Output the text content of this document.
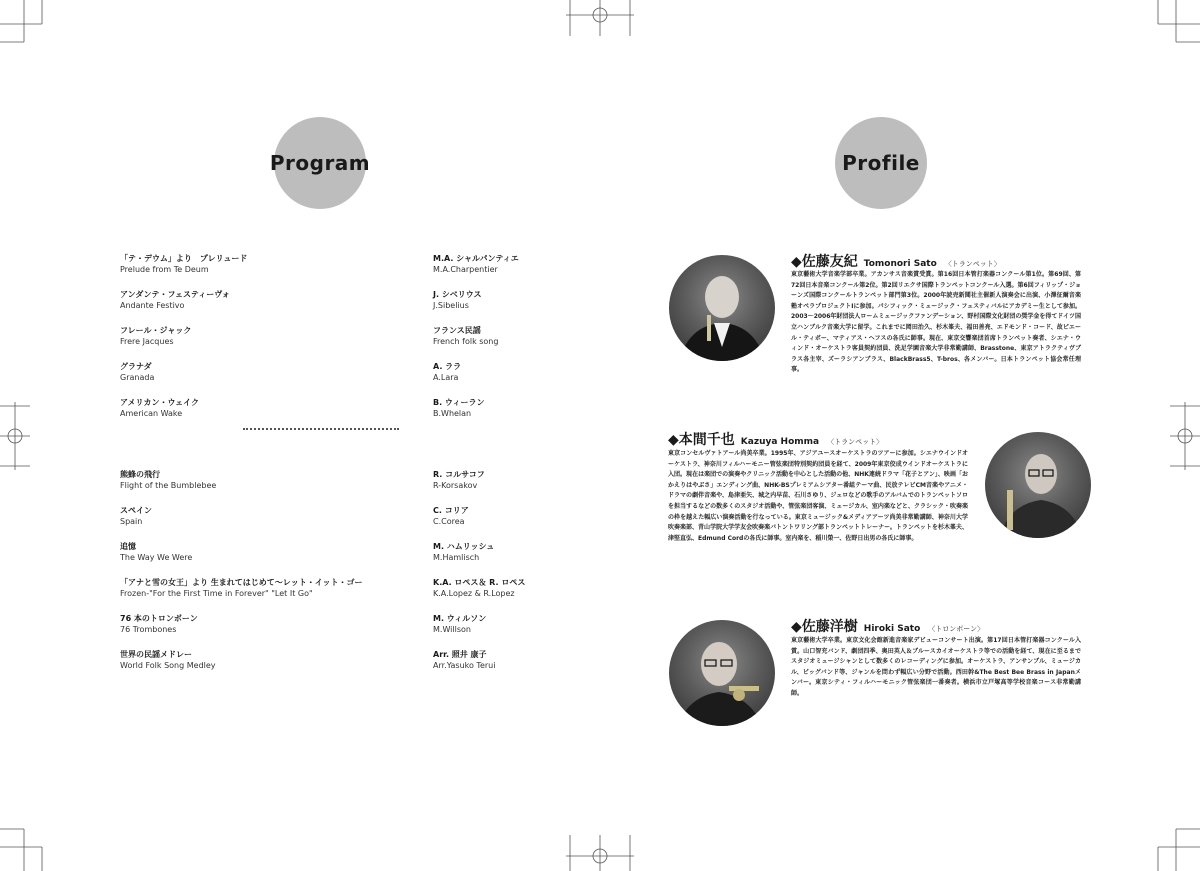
Program	Profile
「テ・デウム」より　プレリュード
Prelude from Te Deum
アンダンテ・フェスティーヴォ
Andante Festivo
フレール・ジャック
Frere Jacques
グラナダ
Granada
アメリカン・ウェイク
American Wake
M.A. シャルパンティエ
M.A.Charpentier
J. シベリウス
J.Sibelius
フランス民謡
French folk song
A. ララ
A.Lara
B. ウィーラン
B.Whelan
熊蜂の飛行
Flight of the Bumblebee
スペイン
Spain
追憶
The Way We Were
「アナと雪の女王」より 生まれてはじめて～レット・イット・ゴー
Frozen-"For the First Time in Forever" "Let It Go"
76 本のトロンボーン
76 Trombones
世界の民謡メドレー
World Folk Song Medley
R. コルサコフ
R-Korsakov
C. コリア
C.Corea
M. ハムリッシュ
M.Hamlisch
K.A. ロペス＆ R. ロペス
K.A.Lopez & R.Lopez
M. ウィルソン
M.Willson
Arr. 照井 康子
Arr.Yasuko Terui
◆佐藤友紀 Tomonori Sato 〈トランペット〉
東京藝術大学音楽学部卒業。アカンサス音楽賞受賞。第16回日本管打楽器コンクール第1位。第69回、第72回日本音楽コンクール第2位。第2回リエクサ国際トランペットコンクール入選。第6回フィリップ・ジョーンズ国際コンクールトランペット部門第3位。2000年読売新聞社主催新人演奏会に出演、小澤征爾音楽塾オペラプロジェクトⅠに参加。パシフィック・ミュージック・フェスティバルにアカデミー生として参加。2003～2006年財団法人ロームミュージックファンデーション、野村国際文化財団の奨学金を得てドイツ国立ハンブルク音楽大学に留学。これまでに岡田治久、杉木峯夫、福田善亮、エドモンド・コード、故ピエール・ティボー、マティアス・ヘフスの各氏に師事。現在、東京交響楽団首席トランペット奏者、シエナ・ウィンド・オーケストラ客員契約団員、洗足学園音楽大学非常勤講師、Brasstone、東京アトラクティヴブラス各主宰、ズーラシアンブラス、BlackBrass5、T-bros、各メンバー。日本トランペット協会常任理事。
◆本間千也 Kazuya Homma 〈トランペット〉
東京コンセルヴァトアール尚美卒業。1995年、アジアユースオーケストラのツアーに参加。シエナウインドオーケストラ、神奈川フィルハーモニー管弦楽団特別契約団員を経て、2009年東京佼成ウインドオーケストラに入団。現在は楽団での演奏やクリニック活動を中心とした活動の他、NHK連続ドラマ「花子とアン」、映画「おかえりはやぶさ」エンディング曲、NHK-BSプレミアムシアター番組テーマ曲、民放テレビCM音楽やアニメ・ドラマの劇伴音楽や、島津亜矢、城之内早苗、石川さゆり、ジェロなどの歌手のアルバムでのトランペットソロを担当するなどの数多くのスタジオ活動や、管弦楽団客演、ミュージカル、室内楽などと、クラシック・吹奏楽の枠を越えた幅広い演奏活動を行なっている。東京ミュージック&メディアアーツ尚美非常勤講師、神奈川大学吹奏楽部、青山学院大学学友会吹奏楽バトントワリング部トランペットトレーナー。トランペットを杉木峯夫、津堅直弘、Edmund Cordの各氏に師事。室内楽を、稲川榮一、佐野日出男の各氏に師事。
◆佐藤洋樹 Hiroki Sato 〈トロンボーン〉
東京藝術大学卒業。東京文化会館新進音楽家デビューコンサート出演。第17回日本管打楽器コンクール入賞。山口智充バンド、劇団四季、奥田英人＆ブルースカイオーケストラ等での活動を経て、現在に至るまでスタジオミュージシャンとして数多くのレコーディングに参加。オーケストラ、アンサンブル、ミュージカル、ビッグバンド等、ジャンルを問わず幅広い分野で活動。西田幹&The Best Bee Brass in Japanメンバー。東京シティ・フィルハーモニック管弦楽団一番奏者。横浜市立戸塚高等学校音楽コース非常勤講師。
